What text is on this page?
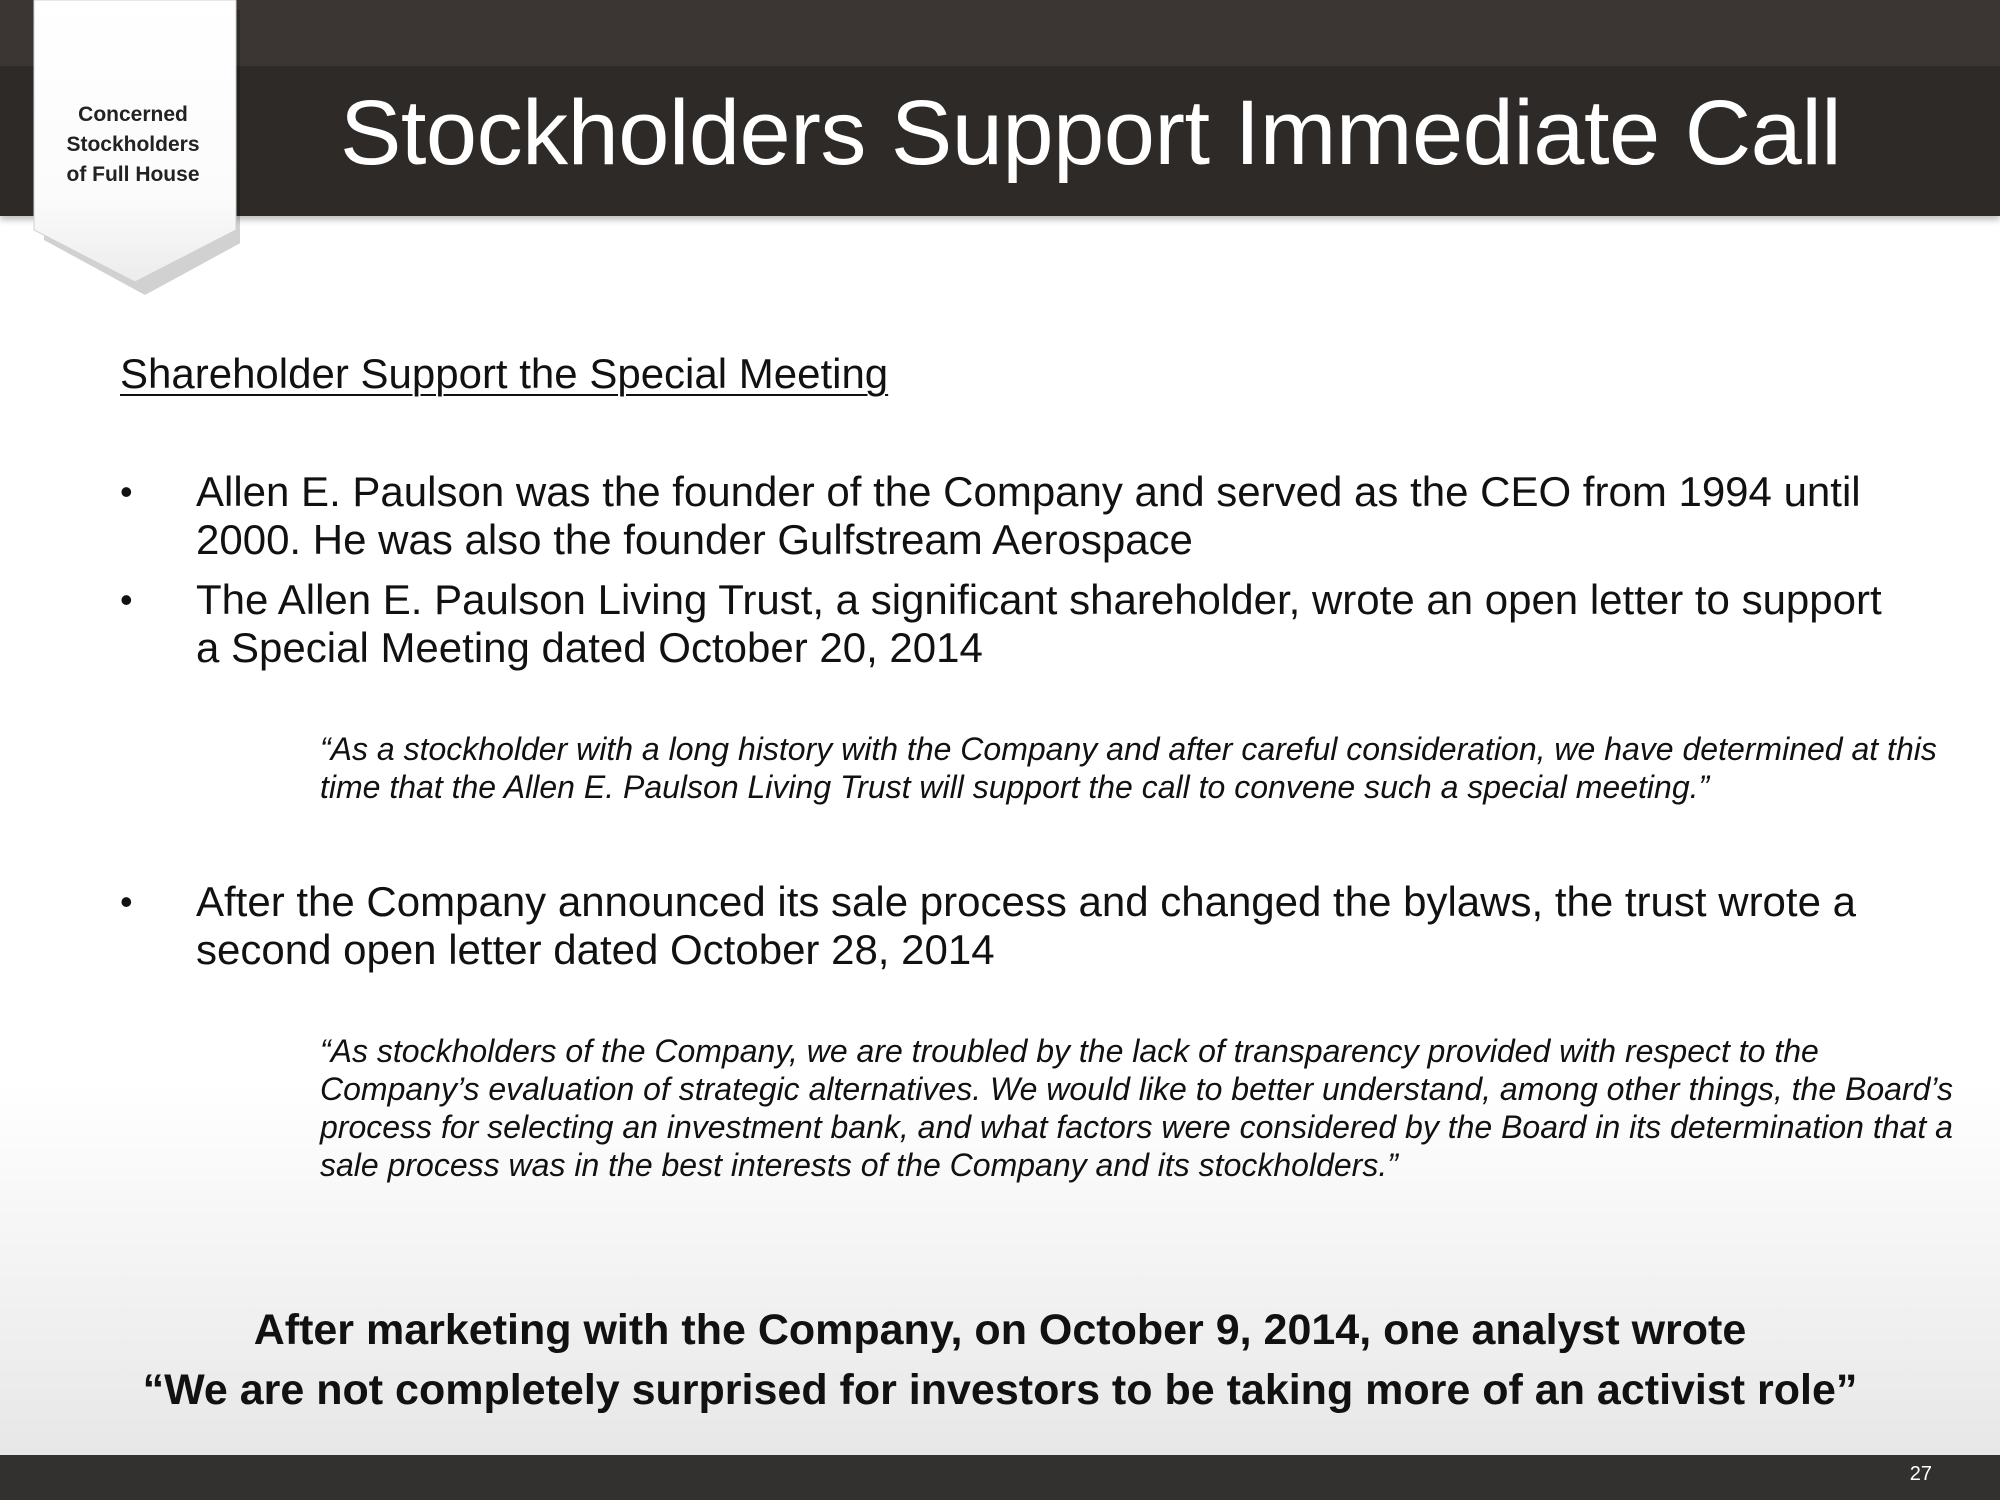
Stockholders Support Immediate Call
Concerned
Stockholders
of Full House
Shareholder Support the Special Meeting
• Allen E. Paulson was the founder of the Company and served as the CEO from 1994 until 2000. He was also the founder Gulfstream Aerospace
• The Allen E. Paulson Living Trust, a significant shareholder, wrote an open letter to support a Special Meeting dated October 20, 2014
“As a stockholder with a long history with the Company and after careful consideration, we have determined at this time that the Allen E. Paulson Living Trust will support the call to convene such a special meeting.”
• After the Company announced its sale process and changed the bylaws, the trust wrote a second open letter dated October 28, 2014
“As stockholders of the Company, we are troubled by the lack of transparency provided with respect to the Company’s evaluation of strategic alternatives. We would like to better understand, among other things, the Board’s process for selecting an investment bank, and what factors were considered by the Board in its determination that a sale process was in the best interests of the Company and its stockholders.”
After marketing with the Company, on October 9, 2014, one analyst wrote
“We are not completely surprised for investors to be taking more of an activist role”
27
